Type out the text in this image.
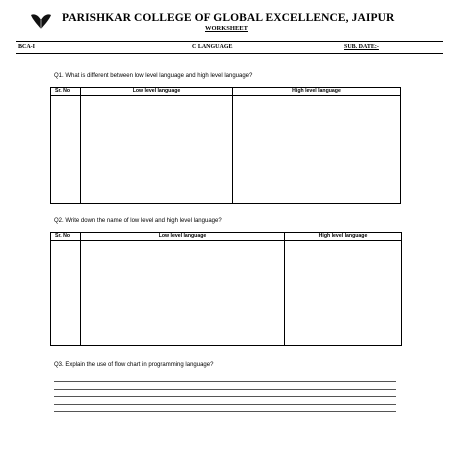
PARISHKAR COLLEGE OF GLOBAL EXCELLENCE, JAIPUR
WORKSHEET
BCA-I	C LANGUAGE	SUB. DATE:-
Q1. What is different between low level language and high level language?
Sr. No	Low level language	High level language

Q2. Write down the name of low level and high level language?
Sr. No	Low level language	High level language

Q3. Explain the use of flow chart in programming language?
